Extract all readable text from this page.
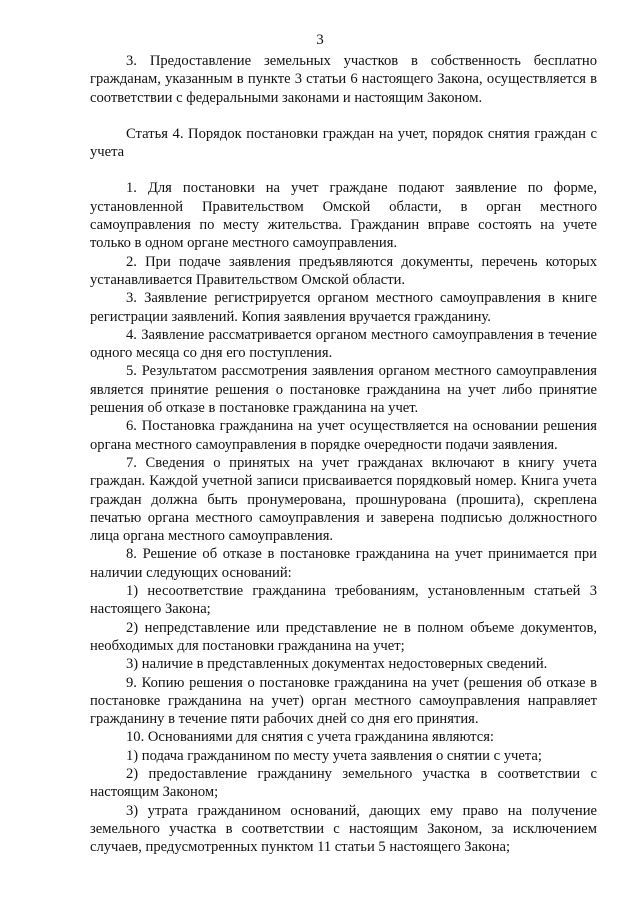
3

3. Предоставление земельных участков в собственность бесплатно гражданам, указанным в пункте 3 статьи 6 настоящего Закона, осуществляется в соответствии с федеральными законами и настоящим Законом.

Статья 4. Порядок постановки граждан на учет, порядок снятия граждан с учета

1. Для постановки на учет граждане подают заявление по форме, установленной Правительством Омской области, в орган местного самоуправления по месту жительства. Гражданин вправе состоять на учете только в одном органе местного самоуправления.

2. При подаче заявления предъявляются документы, перечень которых устанавливается Правительством Омской области.

3. Заявление регистрируется органом местного самоуправления в книге регистрации заявлений. Копия заявления вручается гражданину.

4. Заявление рассматривается органом местного самоуправления в течение одного месяца со дня его поступления.

5. Результатом рассмотрения заявления органом местного самоуправления является принятие решения о постановке гражданина на учет либо принятие решения об отказе в постановке гражданина на учет.

6. Постановка гражданина на учет осуществляется на основании решения органа местного самоуправления в порядке очередности подачи заявления.

7. Сведения о принятых на учет гражданах включают в книгу учета граждан. Каждой учетной записи присваивается порядковый номер. Книга учета граждан должна быть пронумерована, прошнурована (прошита), скреплена печатью органа местного самоуправления и заверена подписью должностного лица органа местного самоуправления.

8. Решение об отказе в постановке гражданина на учет принимается при наличии следующих оснований:

1) несоответствие гражданина требованиям, установленным статьей 3 настоящего Закона;

2) непредставление или представление не в полном объеме документов, необходимых для постановки гражданина на учет;

3) наличие в представленных документах недостоверных сведений.

9. Копию решения о постановке гражданина на учет (решения об отказе в постановке гражданина на учет) орган местного самоуправления направляет гражданину в течение пяти рабочих дней со дня его принятия.

10. Основаниями для снятия с учета гражданина являются:

1) подача гражданином по месту учета заявления о снятии с учета;

2) предоставление гражданину земельного участка в соответствии с настоящим Законом;

3) утрата гражданином оснований, дающих ему право на получение земельного участка в соответствии с настоящим Законом, за исключением случаев, предусмотренных пунктом 11 статьи 5 настоящего Закона;
